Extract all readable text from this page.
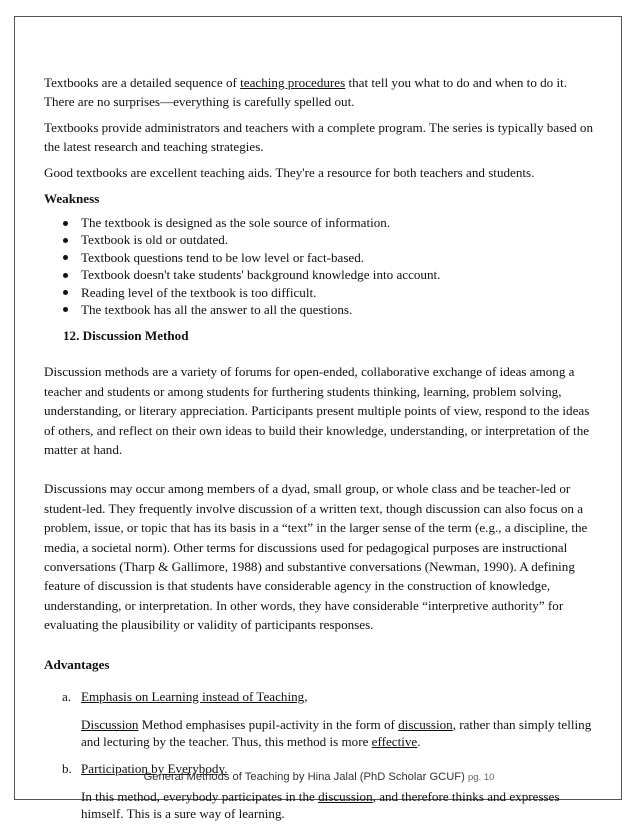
Textbooks are a detailed sequence of teaching procedures that tell you what to do and when to do it. There are no surprises—everything is carefully spelled out.

Textbooks provide administrators and teachers with a complete program. The series is typically based on the latest research and teaching strategies.

Good textbooks are excellent teaching aids. They're a resource for both teachers and students.

Weakness

The textbook is designed as the sole source of information.
Textbook is old or outdated.
Textbook questions tend to be low level or fact-based.
Textbook doesn't take students' background knowledge into account.
Reading level of the textbook is too difficult.
The textbook has all the answer to all the questions.

12. Discussion Method

Discussion methods are a variety of forums for open-ended, collaborative exchange of ideas among a teacher and students or among students for furthering students thinking, learning, problem solving, understanding, or literary appreciation. Participants present multiple points of view, respond to the ideas of others, and reflect on their own ideas to build their knowledge, understanding, or interpretation of the matter at hand.

Discussions may occur among members of a dyad, small group, or whole class and be teacher-led or student-led. They frequently involve discussion of a written text, though discussion can also focus on a problem, issue, or topic that has its basis in a “text” in the larger sense of the term (e.g., a discipline, the media, a societal norm). Other terms for discussions used for pedagogical purposes are instructional conversations (Tharp & Gallimore, 1988) and substantive conversations (Newman, 1990). A defining feature of discussion is that students have considerable agency in the construction of knowledge, understanding, or interpretation. In other words, they have considerable “interpretive authority” for evaluating the plausibility or validity of participants responses.

Advantages

a. Emphasis on Learning instead of Teaching,

Discussion Method emphasises pupil-activity in the form of discussion, rather than simply telling and lecturing by the teacher. Thus, this method is more effective.

b. Participation by Everybody.

In this method, everybody participates in the discussion, and therefore thinks and expresses himself. This is a sure way of learning.

General Methods of Teaching by Hina Jalal (PhD Scholar GCUF) pg. 10
